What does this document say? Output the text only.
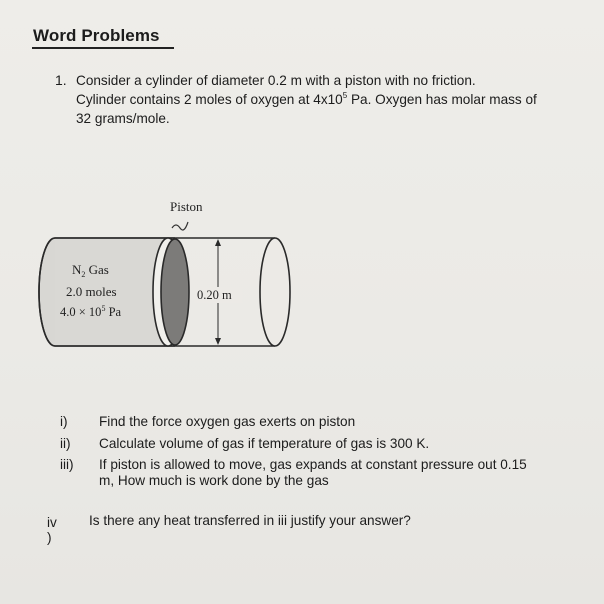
Word Problems
1. Consider a cylinder of diameter 0.2 m with a piston with no friction.
Cylinder contains 2 moles of oxygen at $4x10^5$ Pa. Oxygen has molar mass of
32 grams/mole.
Piston
$N_2$ Gas
2.0 moles
$4.0 \times 10^5$ Pa
0.20 m
i) Find the force oxygen gas exerts on piston
ii) Calculate volume of gas if temperature of gas is 300 K.
iii) If piston is allowed to move, gas expands at constant pressure out 0.15
m, How much is work done by the gas
iv )
Is there any heat transferred in iii justify your answer?
